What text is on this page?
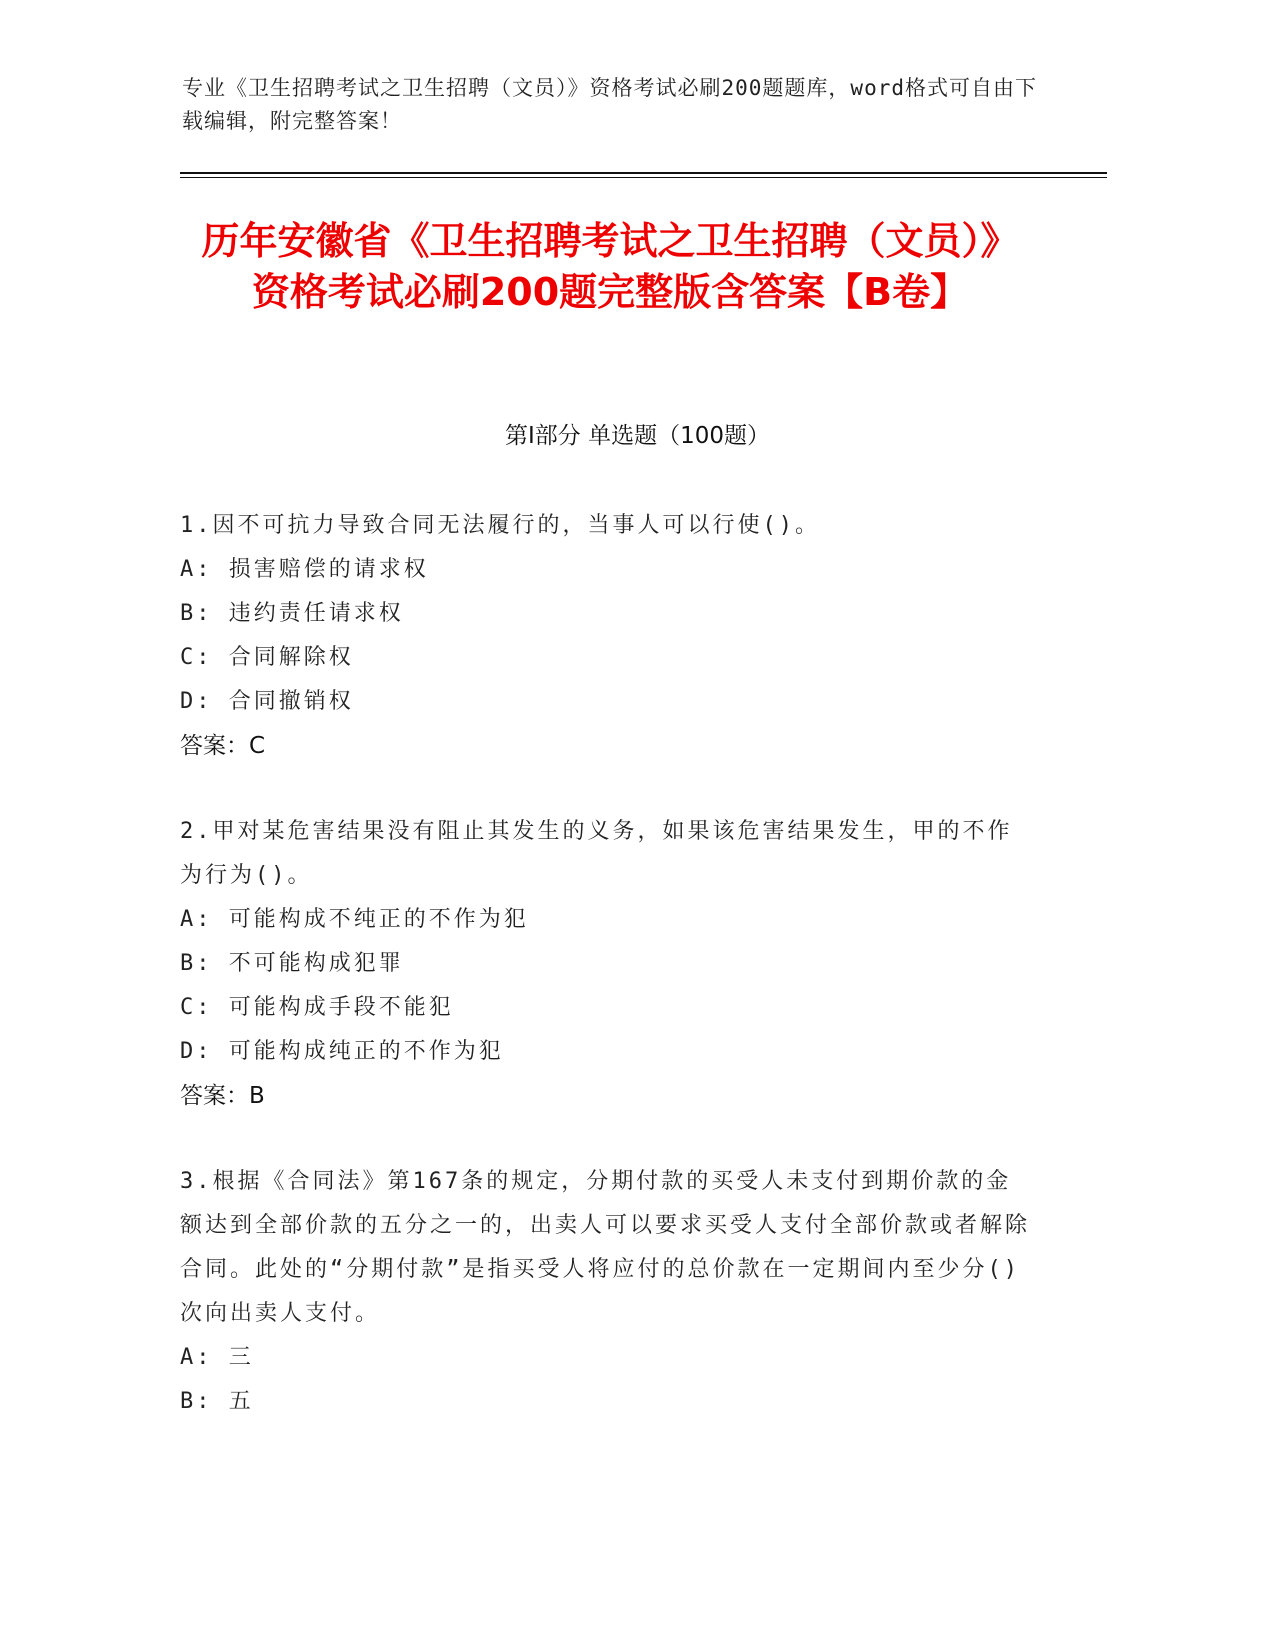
专业《卫生招聘考试之卫生招聘（文员）》资格考试必刷200题题库，word格式可自由下载编辑，附完整答案！
历年安徽省《卫生招聘考试之卫生招聘（文员）》资格考试必刷200题完整版含答案【B卷】
第I部分 单选题（100题）
1.因不可抗力导致合同无法履行的，当事人可以行使()。
A: 损害赔偿的请求权
B: 违约责任请求权
C: 合同解除权
D: 合同撤销权
答案：C
2.甲对某危害结果没有阻止其发生的义务，如果该危害结果发生，甲的不作为行为()。
A: 可能构成不纯正的不作为犯
B: 不可能构成犯罪
C: 可能构成手段不能犯
D: 可能构成纯正的不作为犯
答案：B
3.根据《合同法》第167条的规定，分期付款的买受人未支付到期价款的金额达到全部价款的五分之一的，出卖人可以要求买受人支付全部价款或者解除合同。此处的“分期付款”是指买受人将应付的总价款在一定期间内至少分()次向出卖人支付。
A: 三
B: 五
